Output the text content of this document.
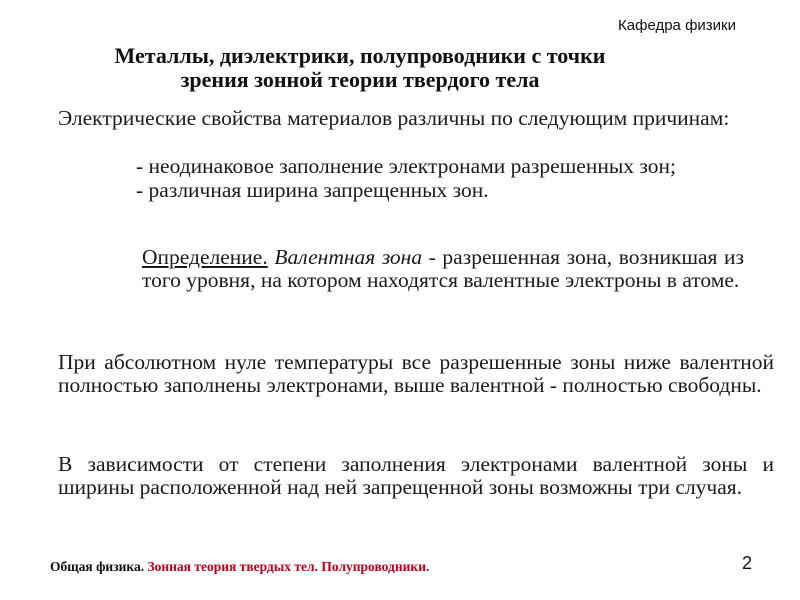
Кафедра физики
Металлы, диэлектрики, полупроводники с точки
зрения зонной теории твердого тела
Электрические свойства материалов различны по следующим причинам:
- неодинаковое заполнение электронами разрешенных зон;
- различная ширина запрещенных зон.
Определение. Валентная зона - разрешенная зона, возникшая из того уровня, на котором находятся валентные электроны в атоме.
При абсолютном нуле температуры все разрешенные зоны ниже валентной полностью заполнены электронами, выше валентной - полностью свободны.
В зависимости от степени заполнения электронами валентной зоны и ширины расположенной над ней запрещенной зоны возможны три случая.
Общая физика. Зонная теория твердых тел. Полупроводники.	2
